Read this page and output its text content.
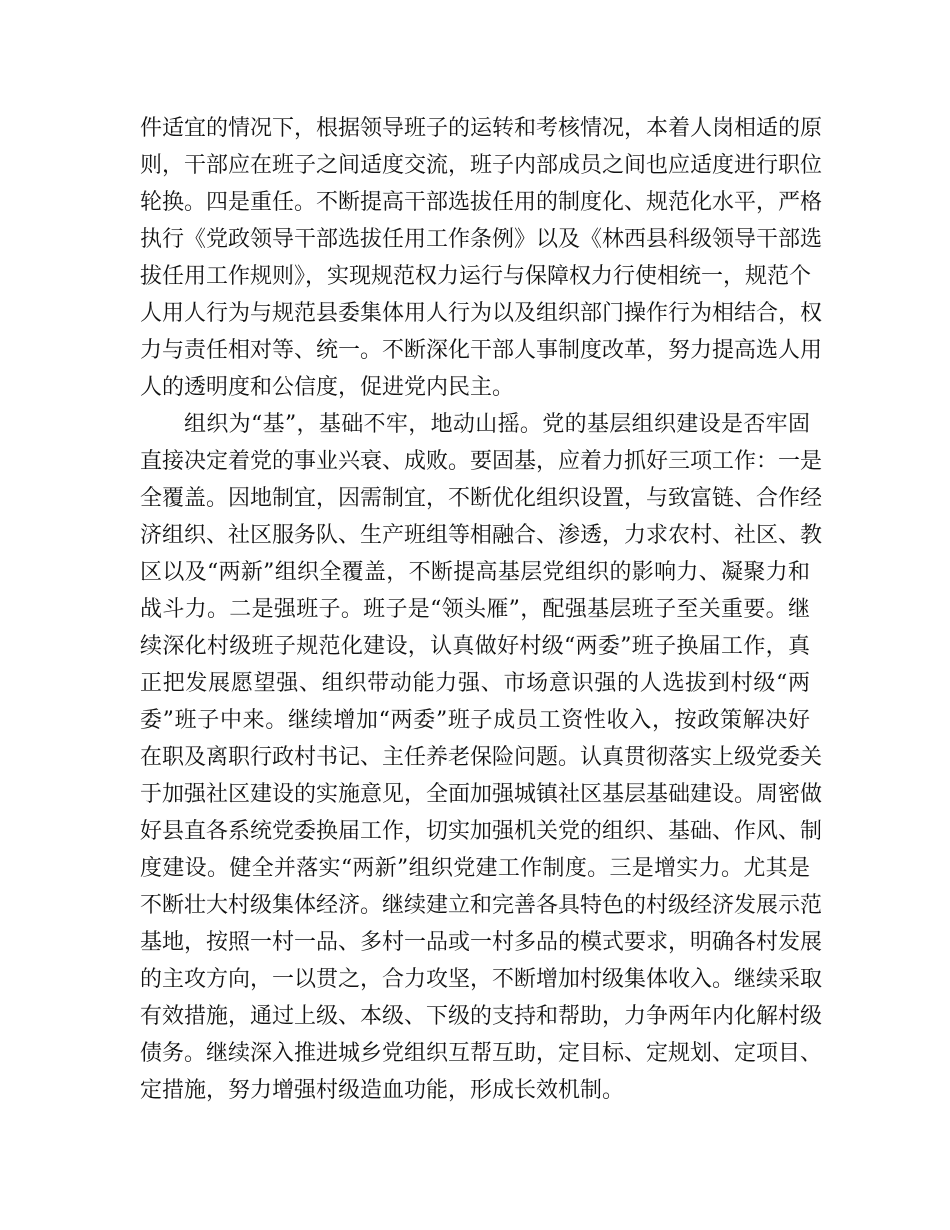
件适宜的情况下，根据领导班子的运转和考核情况，本着人岗相适的原
则，干部应在班子之间适度交流，班子内部成员之间也应适度进行职位
轮换。四是重任。不断提高干部选拔任用的制度化、规范化水平，严格
执行《党政领导干部选拔任用工作条例》以及《林西县科级领导干部选
拔任用工作规则》，实现规范权力运行与保障权力行使相统一，规范个
人用人行为与规范县委集体用人行为以及组织部门操作行为相结合，权
力与责任相对等、统一。不断深化干部人事制度改革，努力提高选人用
人的透明度和公信度，促进党内民主。
组织为“基”，基础不牢，地动山摇。党的基层组织建设是否牢固
直接决定着党的事业兴衰、成败。要固基，应着力抓好三项工作：一是
全覆盖。因地制宜，因需制宜，不断优化组织设置，与致富链、合作经
济组织、社区服务队、生产班组等相融合、渗透，力求农村、社区、教
区以及“两新”组织全覆盖，不断提高基层党组织的影响力、凝聚力和
战斗力。二是强班子。班子是“领头雁”，配强基层班子至关重要。继
续深化村级班子规范化建设，认真做好村级“两委”班子换届工作，真
正把发展愿望强、组织带动能力强、市场意识强的人选拔到村级“两
委”班子中来。继续增加“两委”班子成员工资性收入，按政策解决好
在职及离职行政村书记、主任养老保险问题。认真贯彻落实上级党委关
于加强社区建设的实施意见，全面加强城镇社区基层基础建设。周密做
好县直各系统党委换届工作，切实加强机关党的组织、基础、作风、制
度建设。健全并落实“两新”组织党建工作制度。三是增实力。尤其是
不断壮大村级集体经济。继续建立和完善各具特色的村级经济发展示范
基地，按照一村一品、多村一品或一村多品的模式要求，明确各村发展
的主攻方向，一以贯之，合力攻坚，不断增加村级集体收入。继续采取
有效措施，通过上级、本级、下级的支持和帮助，力争两年内化解村级
债务。继续深入推进城乡党组织互帮互助，定目标、定规划、定项目、
定措施，努力增强村级造血功能，形成长效机制。
